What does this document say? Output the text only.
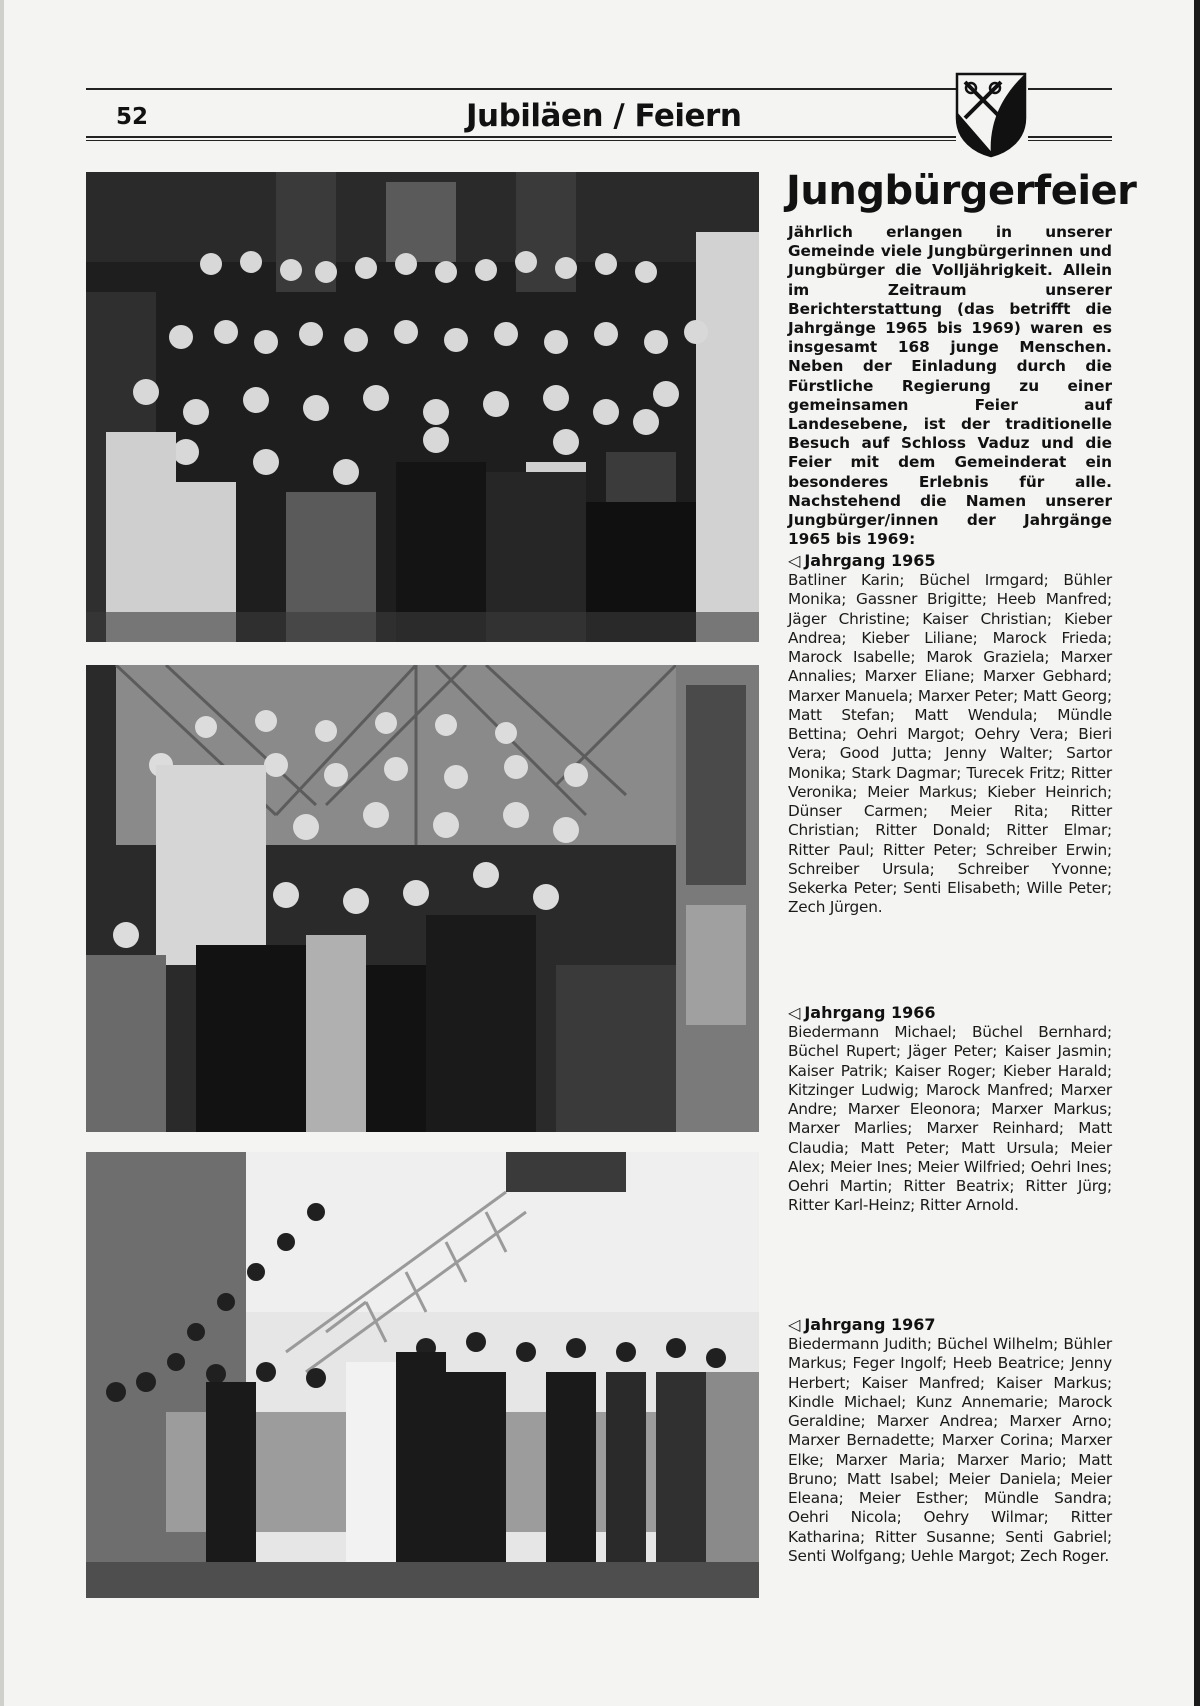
52	Jubiläen / Feiern
Jungbürgerfeier

Jährlich erlangen in unserer Gemeinde viele Jungbürgerinnen und Jungbürger die Volljährigkeit. Allein im Zeitraum unserer Berichterstattung (das betrifft die Jahrgänge 1965 bis 1969) waren es insgesamt 168 junge Menschen. Neben der Einladung durch die Fürstliche Regierung zu einer gemeinsamen Feier auf Landesebene, ist der traditionelle Besuch auf Schloss Vaduz und die Feier mit dem Gemeinderat ein besonderes Erlebnis für alle. Nachstehend die Namen unserer Jungbürger/innen der Jahrgänge 1965 bis 1969:

◁ Jahrgang 1965

Batliner Karin; Büchel Irmgard; Bühler Monika; Gassner Brigitte; Heeb Manfred; Jäger Christine; Kaiser Christian; Kieber Andrea; Kieber Liliane; Marock Frieda; Marock Isabelle; Marok Graziela; Marxer Annalies; Marxer Eliane; Marxer Gebhard; Marxer Manuela; Marxer Peter; Matt Georg; Matt Stefan; Matt Wendula; Mündle Bettina; Oehri Margot; Oehry Vera; Bieri Vera; Good Jutta; Jenny Walter; Sartor Monika; Stark Dagmar; Turecek Fritz; Ritter Veronika; Meier Markus; Kieber Heinrich; Dünser Carmen; Meier Rita; Ritter Christian; Ritter Donald; Ritter Elmar; Ritter Paul; Ritter Peter; Schreiber Erwin; Schreiber Ursula; Schreiber Yvonne; Sekerka Peter; Senti Elisabeth; Wille Peter; Zech Jürgen.

◁ Jahrgang 1966

Biedermann Michael; Büchel Bernhard; Büchel Rupert; Jäger Peter; Kaiser Jasmin; Kaiser Patrik; Kaiser Roger; Kieber Harald; Kitzinger Ludwig; Marock Manfred; Marxer Andre; Marxer Eleonora; Marxer Markus; Marxer Marlies; Marxer Reinhard; Matt Claudia; Matt Peter; Matt Ursula; Meier Alex; Meier Ines; Meier Wilfried; Oehri Ines; Oehri Martin; Ritter Beatrix; Ritter Jürg; Ritter Karl-Heinz; Ritter Arnold.

◁ Jahrgang 1967

Biedermann Judith; Büchel Wilhelm; Bühler Markus; Feger Ingolf; Heeb Beatrice; Jenny Herbert; Kaiser Manfred; Kaiser Markus; Kindle Michael; Kunz Annemarie; Marock Geraldine; Marxer Andrea; Marxer Arno; Marxer Bernadette; Marxer Corina; Marxer Elke; Marxer Maria; Marxer Mario; Matt Bruno; Matt Isabel; Meier Daniela; Meier Eleana; Meier Esther; Mündle Sandra; Oehri Nicola; Oehry Wilmar; Ritter Katharina; Ritter Susanne; Senti Gabriel; Senti Wolfgang; Uehle Margot; Zech Roger.
